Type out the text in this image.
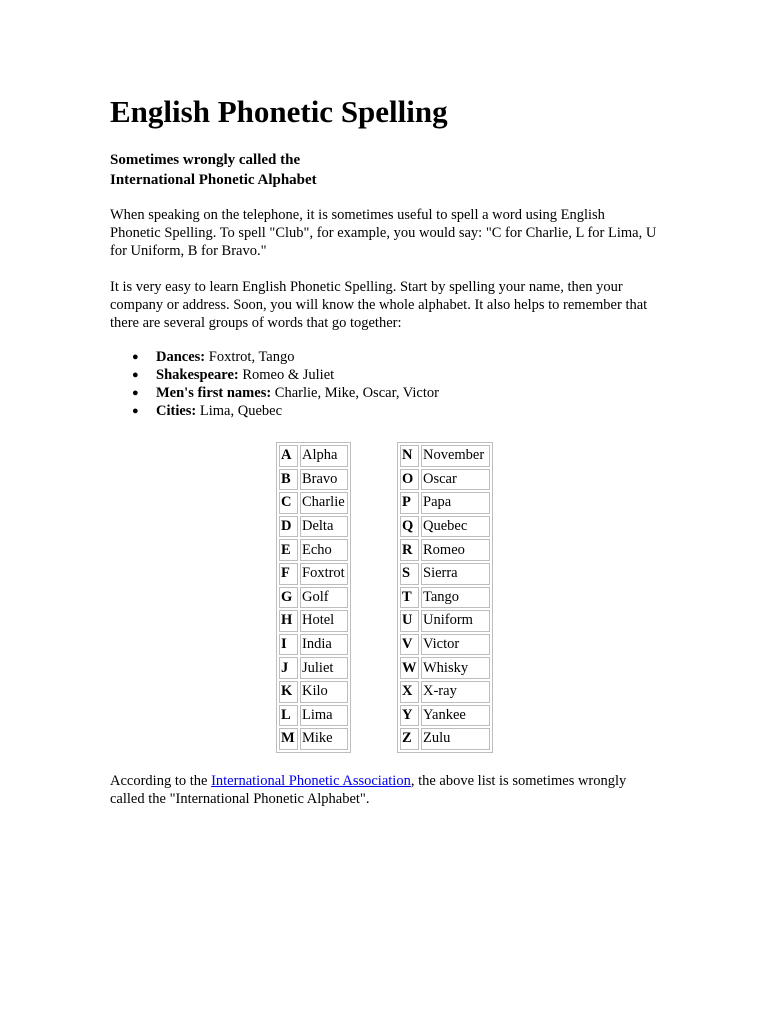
English Phonetic Spelling
Sometimes wrongly called the
International Phonetic Alphabet

When speaking on the telephone, it is sometimes useful to spell a word using English Phonetic Spelling. To spell "Club", for example, you would say: "C for Charlie, L for Lima, U for Uniform, B for Bravo."

It is very easy to learn English Phonetic Spelling. Start by spelling your name, then your company or address. Soon, you will know the whole alphabet. It also helps to remember that there are several groups of words that go together:

● Dances: Foxtrot, Tango
● Shakespeare: Romeo & Juliet
● Men's first names: Charlie, Mike, Oscar, Victor
● Cities: Lima, Quebec
A	Alpha
B	Bravo
C	Charlie
D	Delta
E	Echo
F	Foxtrot
G	Golf
H	Hotel
I	India
J	Juliet
K	Kilo
L	Lima
M	Mike
N	November
O	Oscar
P	Papa
Q	Quebec
R	Romeo
S	Sierra
T	Tango
U	Uniform
V	Victor
W	Whisky
X	X-ray
Y	Yankee
Z	Zulu

According to the International Phonetic Association, the above list is sometimes wrongly called the "International Phonetic Alphabet".
